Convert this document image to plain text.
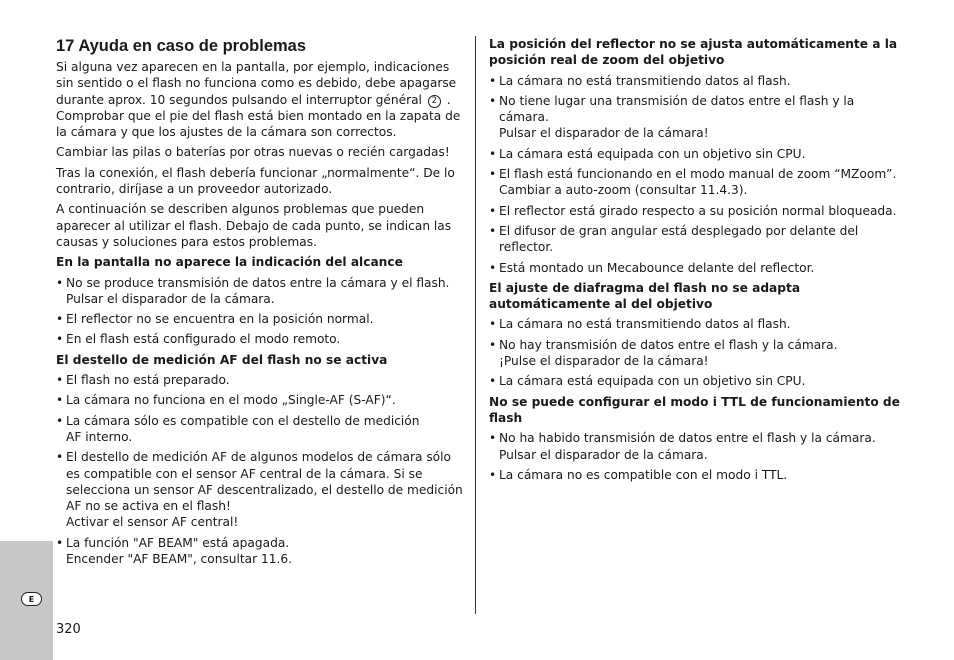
E
320
17 Ayuda en caso de problemas

Si alguna vez aparecen en la pantalla, por ejemplo, indicaciones sin sentido o el flash no funciona como es debido, debe apagarse durante aprox. 10 segundos pulsando el interruptor général 2 . Comprobar que el pie del flash está bien montado en la zapata de la cámara y que los ajustes de la cámara son correctos.

Cambiar las pilas o baterías por otras nuevas o recién cargadas!

Tras la conexión, el flash debería funcionar „normalmente“. De lo contrario, diríjase a un proveedor autorizado.

A continuación se describen algunos problemas que pueden aparecer al utilizar el flash. Debajo de cada punto, se indican las causas y soluciones para estos problemas.

En la pantalla no aparece la indicación del alcance
• No se produce transmisión de datos entre la cámara y el flash.
Pulsar el disparador de la cámara.
• El reflector no se encuentra en la posición normal.
• En el flash está configurado el modo remoto.
El destello de medición AF del flash no se activa
• El flash no está preparado.
• La cámara no funciona en el modo „Single-AF (S-AF)“.
• La cámara sólo es compatible con el destello de medición
AF interno.
• El destello de medición AF de algunos modelos de cámara sólo es compatible con el sensor AF central de la cámara. Si se selecciona un sensor AF descentralizado, el destello de medición AF no se activa en el flash!
Activar el sensor AF central!
• La función "AF BEAM" está apagada.
Encender "AF BEAM", consultar 11.6.
La posición del reflector no se ajusta automáticamente a la posición real de zoom del objetivo
• La cámara no está transmitiendo datos al flash.
• No tiene lugar una transmisión de datos entre el flash y la cámara.
Pulsar el disparador de la cámara!
• La cámara está equipada con un objetivo sin CPU.
• El flash está funcionando en el modo manual de zoom “MZoom”.
Cambiar a auto-zoom (consultar 11.4.3).
• El reflector está girado respecto a su posición normal bloqueada.
• El difusor de gran angular está desplegado por delante del reflector.
• Está montado un Mecabounce delante del reflector.
El ajuste de diafragma del flash no se adapta automáticamente al del objetivo
• La cámara no está transmitiendo datos al flash.
• No hay transmisión de datos entre el flash y la cámara.
¡Pulse el disparador de la cámara!
• La cámara está equipada con un objetivo sin CPU.
No se puede configurar el modo i TTL de funcionamiento de flash
• No ha habido transmisión de datos entre el flash y la cámara.
Pulsar el disparador de la cámara.
• La cámara no es compatible con el modo i TTL.
